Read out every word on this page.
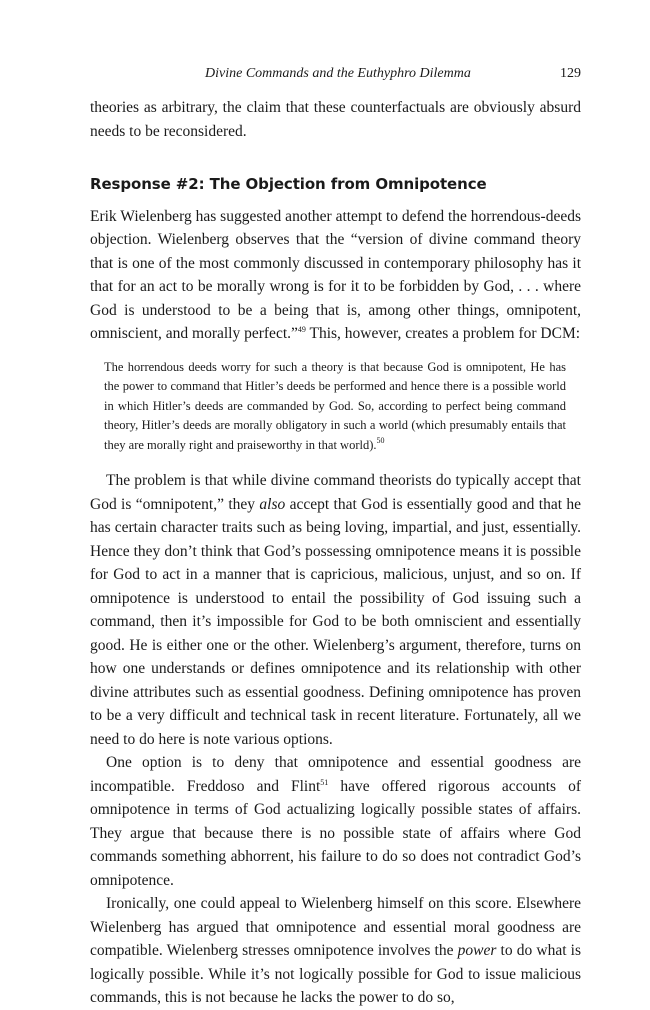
Divine Commands and the Euthyphro Dilemma	129

theories as arbitrary, the claim that these counterfactuals are obviously absurd needs to be reconsidered.

Response #2: The Objection from Omnipotence

Erik Wielenberg has suggested another attempt to defend the horrendous-deeds objection. Wielenberg observes that the “version of divine command theory that is one of the most commonly discussed in contemporary philosophy has it that for an act to be morally wrong is for it to be forbidden by God, . . . where God is understood to be a being that is, among other things, omnipotent, omniscient, and morally perfect.”$^{49}$ This, however, creates a problem for DCM:

The horrendous deeds worry for such a theory is that because God is omnipotent, He has the power to command that Hitler’s deeds be performed and hence there is a possible world in which Hitler’s deeds are commanded by God. So, according to perfect being command theory, Hitler’s deeds are morally obligatory in such a world (which presumably entails that they are morally right and praiseworthy in that world).$^{50}$

The problem is that while divine command theorists do typically accept that God is “omnipotent,” they also accept that God is essentially good and that he has certain character traits such as being loving, impartial, and just, essentially. Hence they don’t think that God’s possessing omnipotence means it is possible for God to act in a manner that is capricious, malicious, unjust, and so on. If omnipotence is understood to entail the possibility of God issuing such a command, then it’s impossible for God to be both omniscient and essentially good. He is either one or the other. Wielenberg’s argument, therefore, turns on how one understands or defines omnipotence and its relationship with other divine attributes such as essential goodness. Defining omnipotence has proven to be a very difficult and technical task in recent literature. Fortunately, all we need to do here is note various options.

One option is to deny that omnipotence and essential goodness are incompatible. Freddoso and Flint$^{51}$ have offered rigorous accounts of omnipotence in terms of God actualizing logically possible states of affairs. They argue that because there is no possible state of affairs where God commands something abhorrent, his failure to do so does not contradict God’s omnipotence.

Ironically, one could appeal to Wielenberg himself on this score. Elsewhere Wielenberg has argued that omnipotence and essential moral goodness are compatible. Wielenberg stresses omnipotence involves the power to do what is logically possible. While it’s not logically possible for God to issue malicious commands, this is not because he lacks the power to do so,
